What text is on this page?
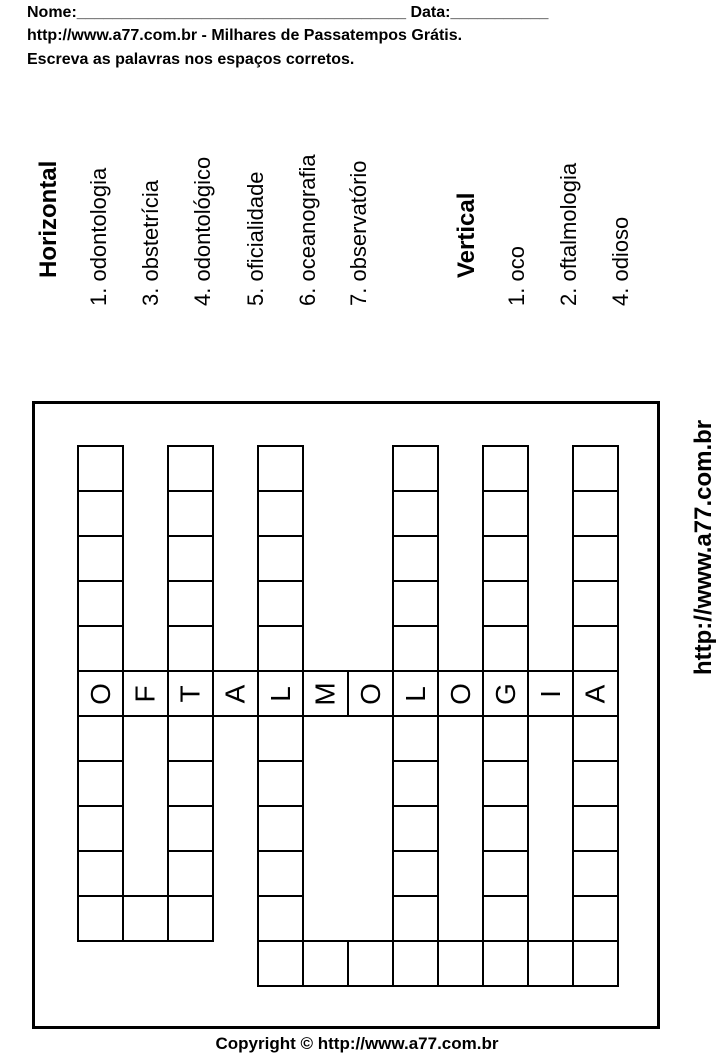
Nome:_____________________________________ Data:___________
http://www.a77.com.br - Milhares de Passatempos Grátis.
Escreva as palavras nos espaços corretos.
Horizontal 1. odontologia 3. obstetrícia 4. odontológico 5. oficialidade 6. oceanografia 7. observatório	Vertical 1. oco 2. oftalmologia 4. odioso
O T L	L G A
F A M O O I
http://www.a77.com.br
Copyright © http://www.a77.com.br
